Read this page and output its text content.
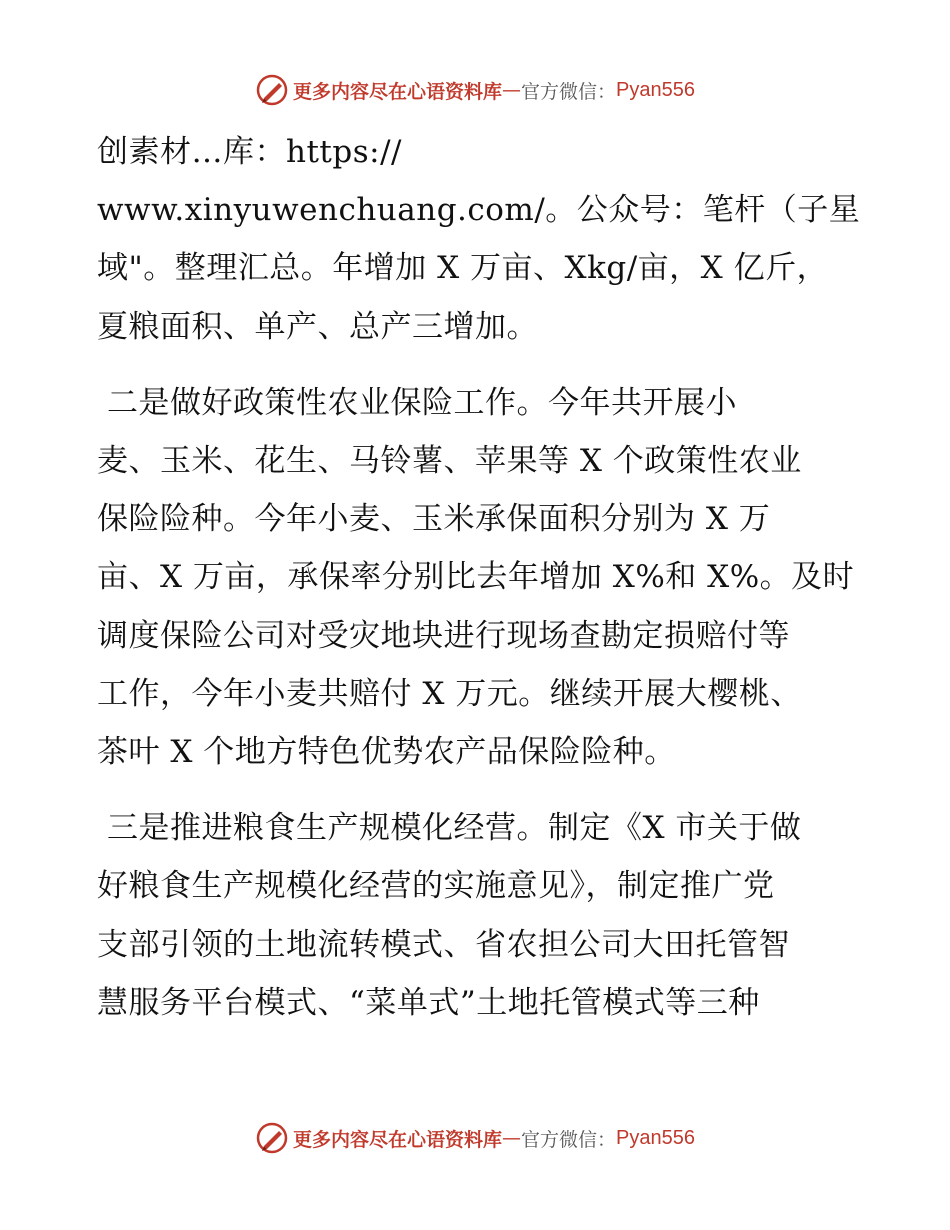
更多内容尽在心语资料库 — 官方微信： Pyan556

创素材…库：https://
www.xinyuwenchuang.com/。公众号：笔杆（子星
域"。整理汇总。年增加 X 万亩、Xkg/亩，X 亿斤，
夏粮面积、单产、总产三增加。

二是做好政策性农业保险工作。今年共开展小
麦、玉米、花生、马铃薯、苹果等 X 个政策性农业
保险险种。今年小麦、玉米承保面积分别为 X 万
亩、X 万亩，承保率分别比去年增加 X%和 X%。及时
调度保险公司对受灾地块进行现场查勘定损赔付等
工作，今年小麦共赔付 X 万元。继续开展大樱桃、
茶叶 X 个地方特色优势农产品保险险种。

三是推进粮食生产规模化经营。制定《X 市关于做
好粮食生产规模化经营的实施意见》，制定推广党
支部引领的土地流转模式、省农担公司大田托管智
慧服务平台模式、“菜单式”土地托管模式等三种

更多内容尽在心语资料库 — 官方微信： Pyan556
